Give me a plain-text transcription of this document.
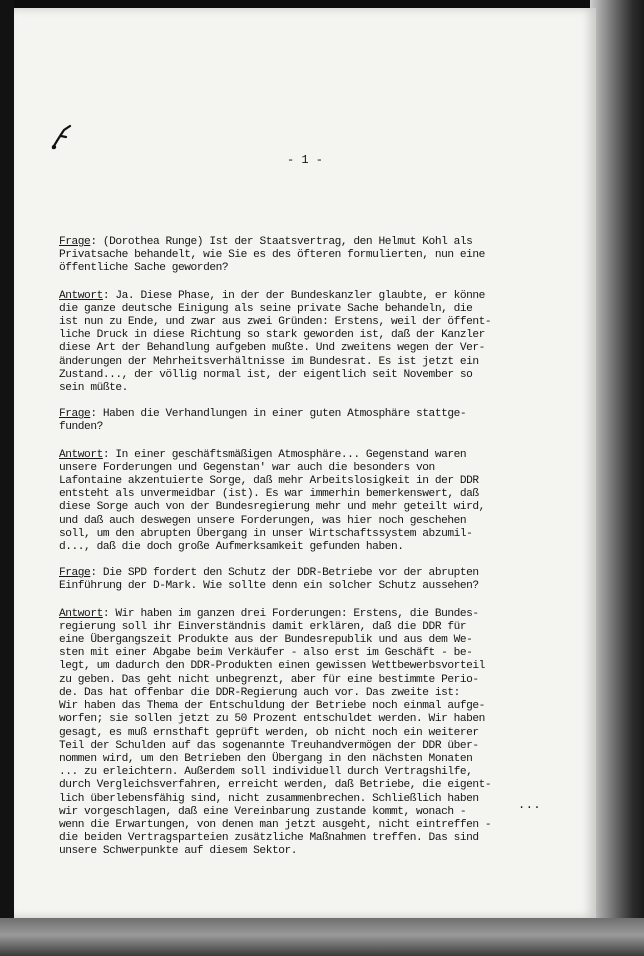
- 1 -
Frage: (Dorothea Runge) Ist der Staatsvertrag, den Helmut Kohl als
Privatsache behandelt, wie Sie es des öfteren formulierten, nun eine
öffentliche Sache geworden?
Antwort: Ja. Diese Phase, in der der Bundeskanzler glaubte, er könne
die ganze deutsche Einigung als seine private Sache behandeln, die
ist nun zu Ende, und zwar aus zwei Gründen: Erstens, weil der öffent-
liche Druck in diese Richtung so stark geworden ist, daß der Kanzler
diese Art der Behandlung aufgeben mußte. Und zweitens wegen der Ver-
änderungen der Mehrheitsverhältnisse im Bundesrat. Es ist jetzt ein
Zustand..., der völlig normal ist, der eigentlich seit November so
sein müßte.
Frage: Haben die Verhandlungen in einer guten Atmosphäre stattge-
funden?
Antwort: In einer geschäftsmäßigen Atmosphäre... Gegenstand waren
unsere Forderungen und Gegenstan' war auch die besonders von
Lafontaine akzentuierte Sorge, daß mehr Arbeitslosigkeit in der DDR
entsteht als unvermeidbar (ist). Es war immerhin bemerkenswert, daß
diese Sorge auch von der Bundesregierung mehr und mehr geteilt wird,
und daß auch deswegen unsere Forderungen, was hier noch geschehen
soll, um den abrupten Übergang in unser Wirtschaftssystem abzumil-
d..., daß die doch große Aufmerksamkeit gefunden haben.
Frage: Die SPD fordert den Schutz der DDR-Betriebe vor der abrupten
Einführung der D-Mark. Wie sollte denn ein solcher Schutz aussehen?
Antwort: Wir haben im ganzen drei Forderungen: Erstens, die Bundes-
regierung soll ihr Einverständnis damit erklären, daß die DDR für
eine Übergangszeit Produkte aus der Bundesrepublik und aus dem We-
sten mit einer Abgabe beim Verkäufer - also erst im Geschäft - be-
legt, um dadurch den DDR-Produkten einen gewissen Wettbewerbsvorteil
zu geben. Das geht nicht unbegrenzt, aber für eine bestimmte Perio-
de. Das hat offenbar die DDR-Regierung auch vor. Das zweite ist:
Wir haben das Thema der Entschuldung der Betriebe noch einmal aufge-
worfen; sie sollen jetzt zu 50 Prozent entschuldet werden. Wir haben
gesagt, es muß ernsthaft geprüft werden, ob nicht noch ein weiterer
Teil der Schulden auf das sogenannte Treuhandvermögen der DDR über-
nommen wird, um den Betrieben den Übergang in den nächsten Monaten
... zu erleichtern. Außerdem soll individuell durch Vertragshilfe,
durch Vergleichsverfahren, erreicht werden, daß Betriebe, die eigent-
lich überlebensfähig sind, nicht zusammenbrechen. Schließlich haben
wir vorgeschlagen, daß eine Vereinbarung zustande kommt, wonach -
wenn die Erwartungen, von denen man jetzt ausgeht, nicht eintreffen -
die beiden Vertragsparteien zusätzliche Maßnahmen treffen. Das sind
unsere Schwerpunkte auf diesem Sektor.
...
